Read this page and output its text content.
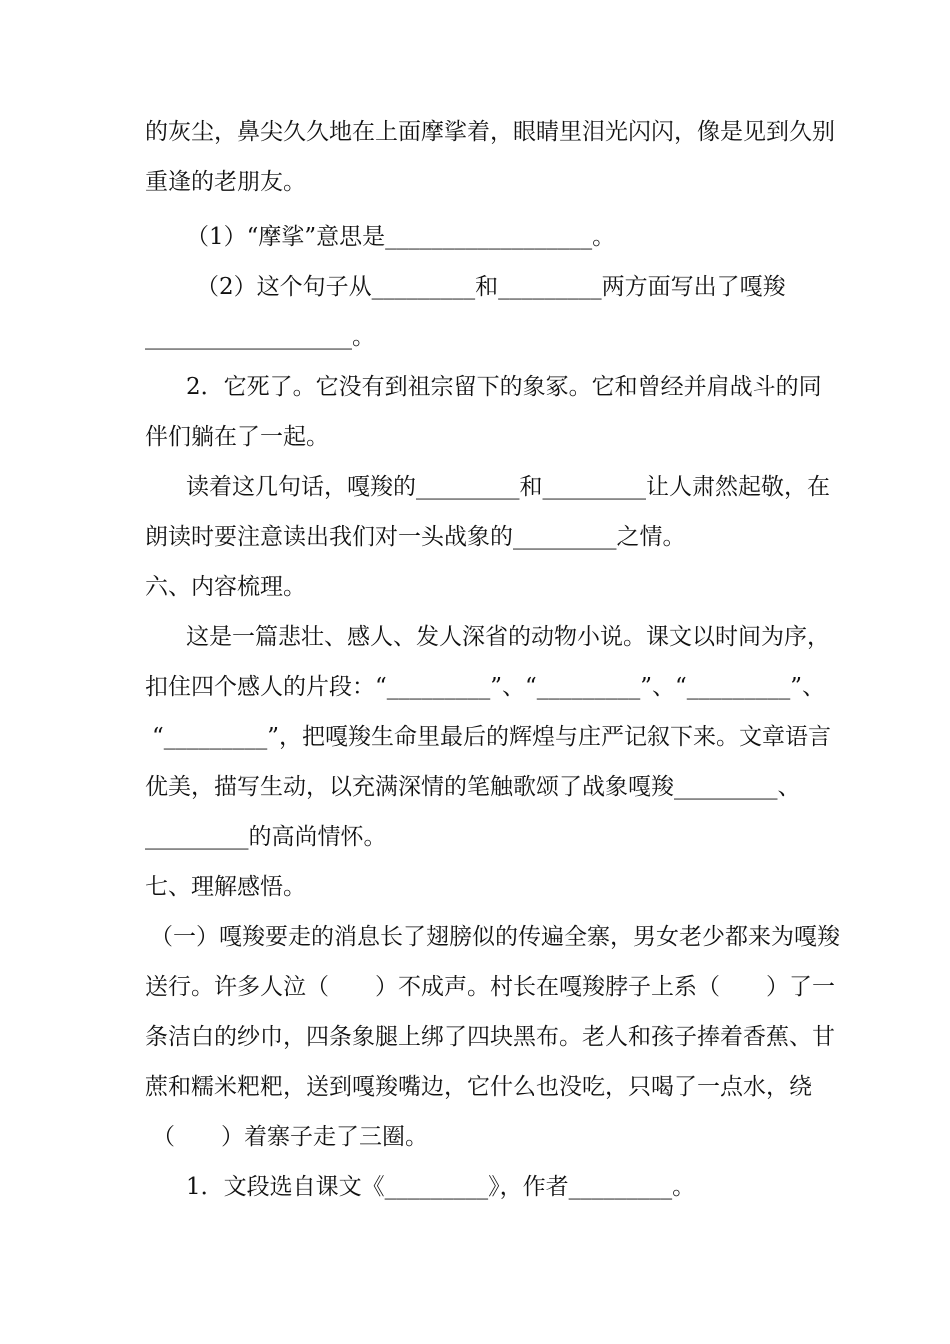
的灰尘，鼻尖久久地在上面摩挲着，眼睛里泪光闪闪，像是见到久别
重逢的老朋友。
（1）“摩挲”意思是__________________。
（2）这个句子从_________和_________两方面写出了嘎羧
__________________。
2．它死了。它没有到祖宗留下的象冢。它和曾经并肩战斗的同
伴们躺在了一起。
读着这几句话，嘎羧的_________和_________让人肃然起敬，在
朗读时要注意读出我们对一头战象的_________之情。
六、内容梳理。
这是一篇悲壮、感人、发人深省的动物小说。课文以时间为序，
扣住四个感人的片段：“_________”、“_________”、“_________”、
“_________”，把嘎羧生命里最后的辉煌与庄严记叙下来。文章语言
优美，描写生动，以充满深情的笔触歌颂了战象嘎羧_________、
_________的高尚情怀。
七、理解感悟。
（一）嘎羧要走的消息长了翅膀似的传遍全寨，男女老少都来为嘎羧
送行。许多人泣（　　）不成声。村长在嘎羧脖子上系（　　）了一
条洁白的纱巾，四条象腿上绑了四块黑布。老人和孩子捧着香蕉、甘
蔗和糯米粑粑，送到嘎羧嘴边，它什么也没吃，只喝了一点水，绕
（　　）着寨子走了三圈。
1．文段选自课文《_________》，作者_________。
